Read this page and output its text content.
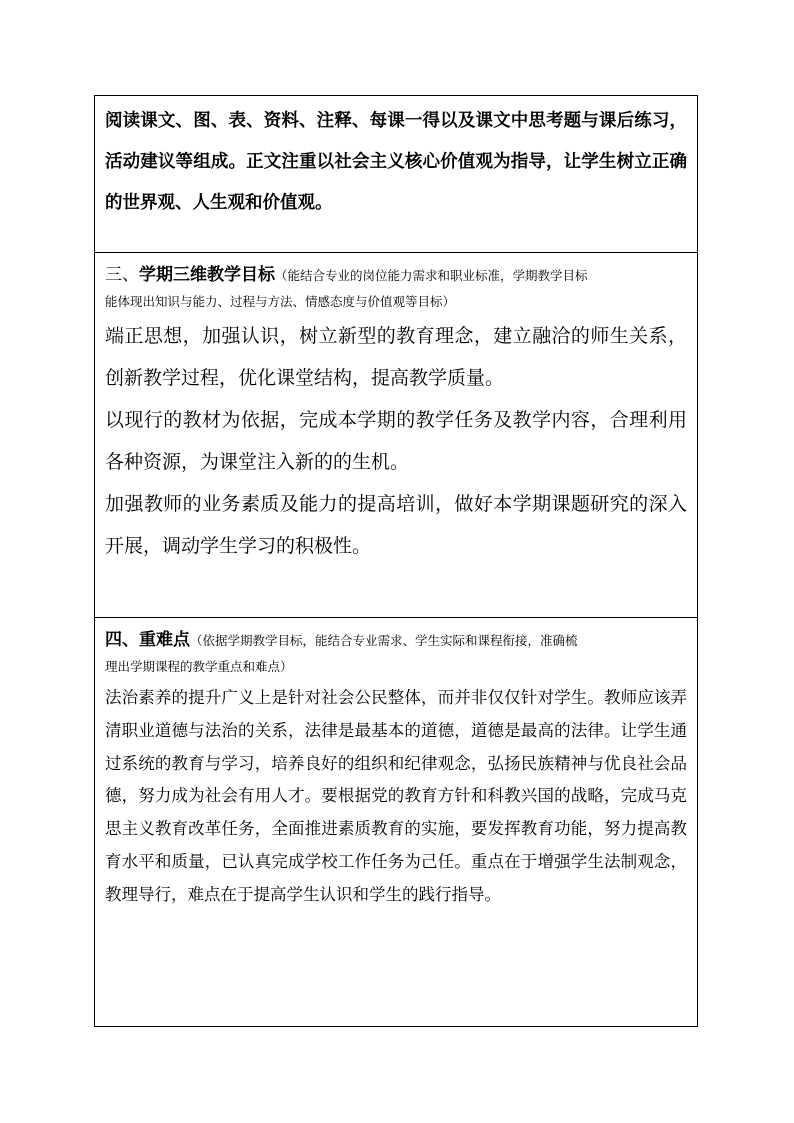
阅读课文、图、表、资料、注释、每课一得以及课文中思考题与课后练习，活动建议等组成。正文注重以社会主义核心价值观为指导，让学生树立正确的世界观、人生观和价值观。

三、学期三维教学目标（能结合专业的岗位能力需求和职业标准，学期教学目标
能体现出知识与能力、过程与方法、情感态度与价值观等目标）

端正思想，加强认识，树立新型的教育理念，建立融洽的师生关系，创新教学过程，优化课堂结构，提高教学质量。

以现行的教材为依据，完成本学期的教学任务及教学内容，合理利用各种资源，为课堂注入新的的生机。

加强教师的业务素质及能力的提高培训，做好本学期课题研究的深入开展，调动学生学习的积极性。

四、重难点（依据学期教学目标，能结合专业需求、学生实际和课程衔接，准确梳
理出学期课程的教学重点和难点）

法治素养的提升广义上是针对社会公民整体，而并非仅仅针对学生。教师应该弄清职业道德与法治的关系，法律是最基本的道德，道德是最高的法律。让学生通过系统的教育与学习，培养良好的组织和纪律观念，弘扬民族精神与优良社会品德，努力成为社会有用人才。要根据党的教育方针和科教兴国的战略，完成马克思主义教育改革任务，全面推进素质教育的实施，要发挥教育功能，努力提高教育水平和质量，已认真完成学校工作任务为己任。重点在于增强学生法制观念，教理导行，难点在于提高学生认识和学生的践行指导。
